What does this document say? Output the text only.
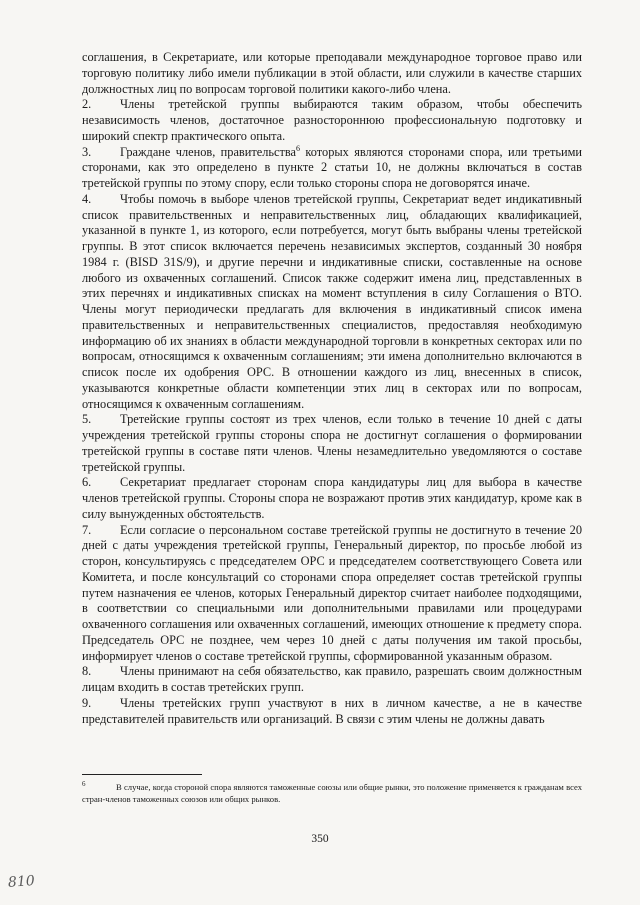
соглашения, в Секретариате, или которые преподавали международное торговое право или торговую политику либо имели публикации в этой области, или служили в качестве старших должностных лиц по вопросам торговой политики какого-либо члена.

2. Члены третейской группы выбираются таким образом, чтобы обеспечить независимость членов, достаточное разностороннюю профессиональную подготовку и широкий спектр практического опыта.

3. Граждане членов, правительства$^6$ которых являются сторонами спора, или третьими сторонами, как это определено в пункте 2 статьи 10, не должны включаться в состав третейской группы по этому спору, если только стороны спора не договорятся иначе.

4. Чтобы помочь в выборе членов третейской группы, Секретариат ведет индикативный список правительственных и неправительственных лиц, обладающих квалификацией, указанной в пункте 1, из которого, если потребуется, могут быть выбраны члены третейской группы. В этот список включается перечень независимых экспертов, созданный 30 ноября 1984 г. (BISD 31S/9), и другие перечни и индикативные списки, составленные на основе любого из охваченных соглашений. Список также содержит имена лиц, представленных в этих перечнях и индикативных списках на момент вступления в силу Соглашения о ВТО. Члены могут периодически предлагать для включения в индикативный список имена правительственных и неправительственных специалистов, предоставляя необходимую информацию об их знаниях в области международной торговли в конкретных секторах или по вопросам, относящимся к охваченным соглашениям; эти имена дополнительно включаются в список после их одобрения ОРС. В отношении каждого из лиц, внесенных в список, указываются конкретные области компетенции этих лиц в секторах или по вопросам, относящимся к охваченным соглашениям.

5. Третейские группы состоят из трех членов, если только в течение 10 дней с даты учреждения третейской группы стороны спора не достигнут соглашения о формировании третейской группы в составе пяти членов. Члены незамедлительно уведомляются о составе третейской группы.

6. Секретариат предлагает сторонам спора кандидатуры лиц для выбора в качестве членов третейской группы. Стороны спора не возражают против этих кандидатур, кроме как в силу вынужденных обстоятельств.

7. Если согласие о персональном составе третейской группы не достигнуто в течение 20 дней с даты учреждения третейской группы, Генеральный директор, по просьбе любой из сторон, консультируясь с председателем ОРС и председателем соответствующего Совета или Комитета, и после консультаций со сторонами спора определяет состав третейской группы путем назначения ее членов, которых Генеральный директор считает наиболее подходящими, в соответствии со специальными или дополнительными правилами или процедурами охваченного соглашения или охваченных соглашений, имеющих отношение к предмету спора. Председатель ОРС не позднее, чем через 10 дней с даты получения им такой просьбы, информирует членов о составе третейской группы, сформированной указанным образом.

8. Члены принимают на себя обязательство, как правило, разрешать своим должностным лицам входить в состав третейских групп.

9. Члены третейских групп участвуют в них в личном качестве, а не в качестве представителей правительств или организаций. В связи с этим члены не должны давать

6	В случае, когда стороной спора являются таможенные союзы или общие рынки, это положение применяется к гражданам всех стран-членов таможенных союзов или общих рынков.
350
810
